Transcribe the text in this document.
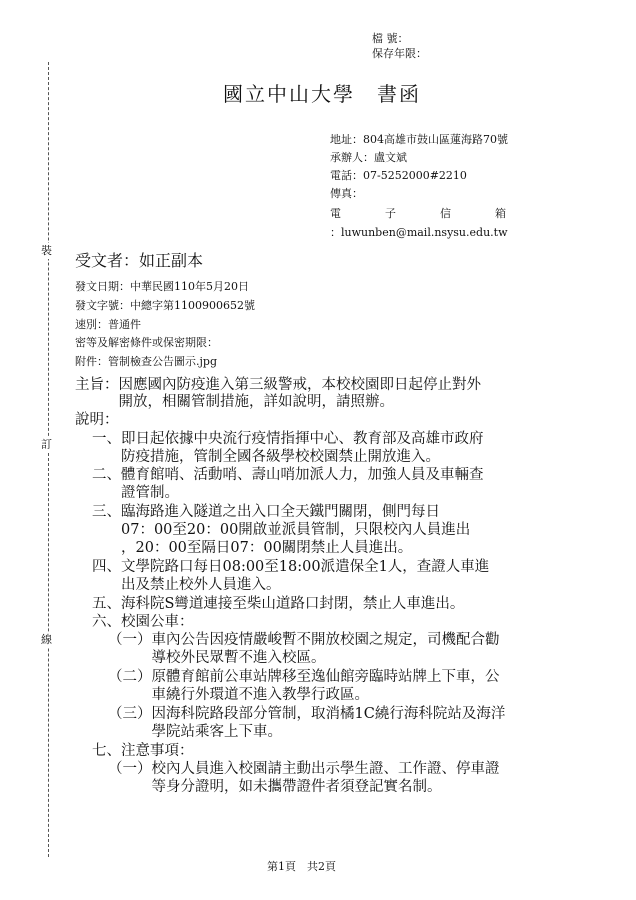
檔 號：
保存年限：
裝
訂
線
國立中山大學　書函
地址：804高雄市鼓山區蓮海路70號
承辦人：盧文斌
電話：07-5252000#2210
傳真：
電　　　　子　　　　信　　　　箱
：luwunben@mail.nsysu.edu.tw
受文者：如正副本
發文日期：中華民國110年5月20日
發文字號：中總字第1100900652號
速別：普通件
密等及解密條件或保密期限：
附件：管制檢查公告圖示.jpg
主旨：因應國內防疫進入第三級警戒，本校校園即日起停止對外
　　　開放，相關管制措施，詳如說明，請照辦。
說明：
一、即日起依據中央流行疫情指揮中心、教育部及高雄市政府
　　防疫措施，管制全國各級學校校園禁止開放進入。
二、體育館哨、活動哨、壽山哨加派人力，加強人員及車輛查
　　證管制。
三、臨海路進入隧道之出入口全天鐵門關閉，側門每日
　　07：00至20：00開啟並派員管制，只限校內人員進出
　　，20：00至隔日07：00關閉禁止人員進出。
四、文學院路口每日08:00至18:00派遣保全1人，查證人車進
　　出及禁止校外人員進入。
五、海科院S彎道連接至柴山道路口封閉，禁止人車進出。
六、校園公車：
（一）車內公告因疫情嚴峻暫不開放校園之規定，司機配合勸
　　　導校外民眾暫不進入校區。
（二）原體育館前公車站牌移至逸仙館旁臨時站牌上下車，公
　　　車繞行外環道不進入教學行政區。
（三）因海科院路段部分管制，取消橘1C繞行海科院站及海洋
　　　學院站乘客上下車。
七、注意事項：
（一）校內人員進入校園請主動出示學生證、工作證、停車證
　　　等身分證明，如未攜帶證件者須登記實名制。
第1頁　共2頁
